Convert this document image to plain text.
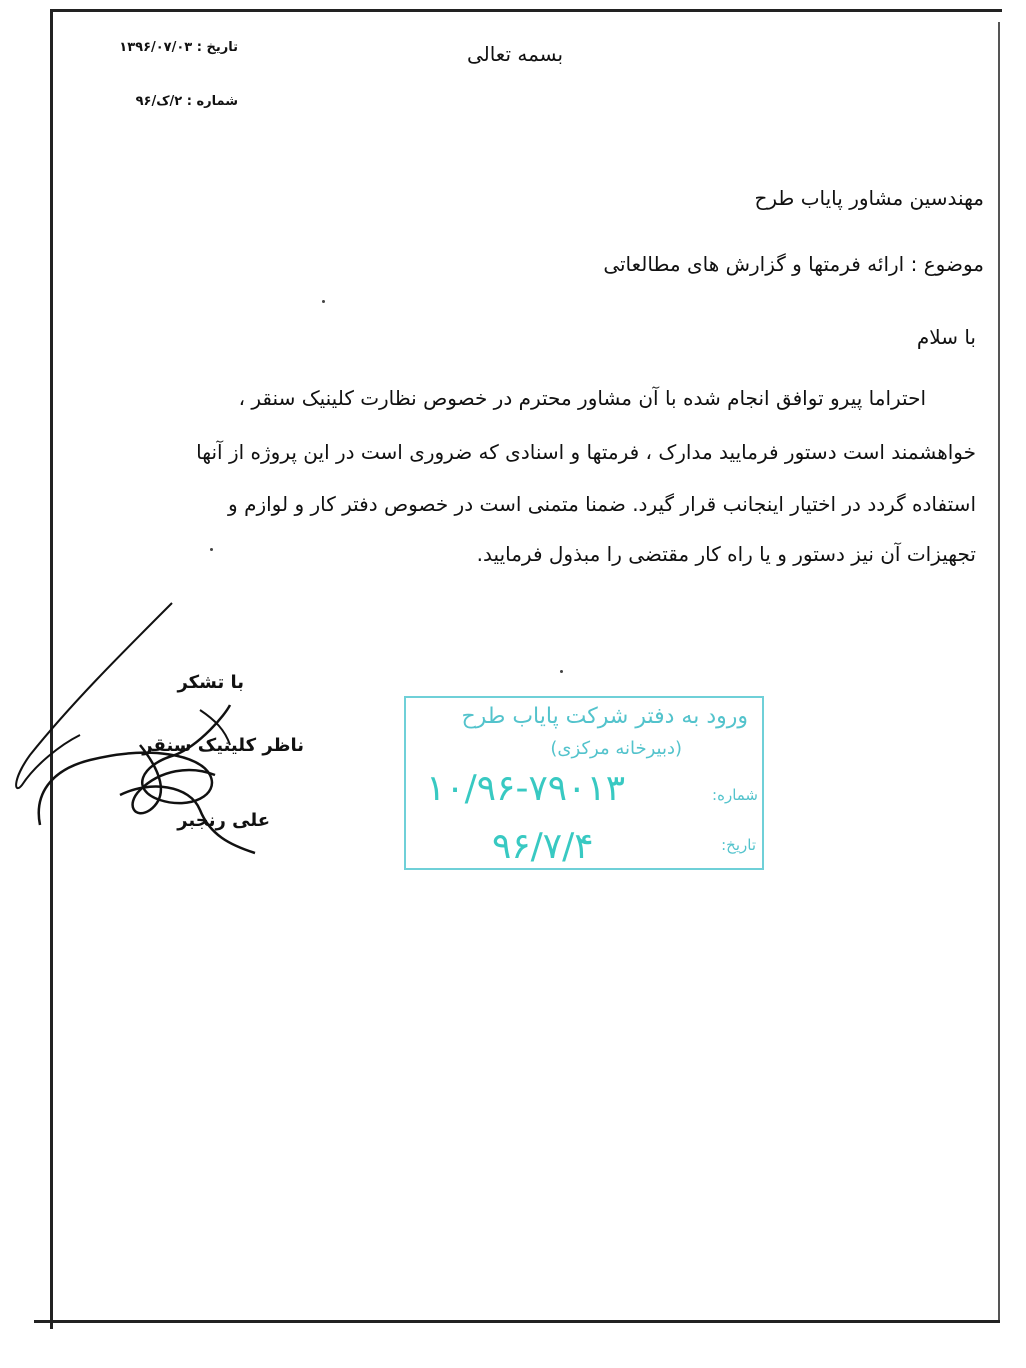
بسمه تعالی
تاریخ : ۱۳۹۶/۰۷/۰۳
شماره : ۲/ک/۹۶
مهندسین مشاور پایاب طرح
موضوع : ارائه فرمتها و گزارش های مطالعاتی
با سلام
احتراما پیرو توافق انجام شده با آن مشاور محترم در خصوص نظارت کلینیک سنقر ،
خواهشمند است دستور فرمایید مدارک ، فرمتها و اسنادی که ضروری است در این پروژه از آنها
استفاده گردد در اختیار اینجانب قرار گیرد. ضمنا متمنی است در خصوص دفتر کار و لوازم و
تجهیزات آن نیز دستور و یا راه کار مقتضی را مبذول فرمایید.
با تشکر
ناظر کلینیک سنقر
علی رنجبر
ورود به دفتر شرکت پایاب طرح
(دبیرخانه مرکزی)
شماره:
۱۰/۹۶-۷۹۰۱۳
تاریخ:
۹۶/۷/۴
